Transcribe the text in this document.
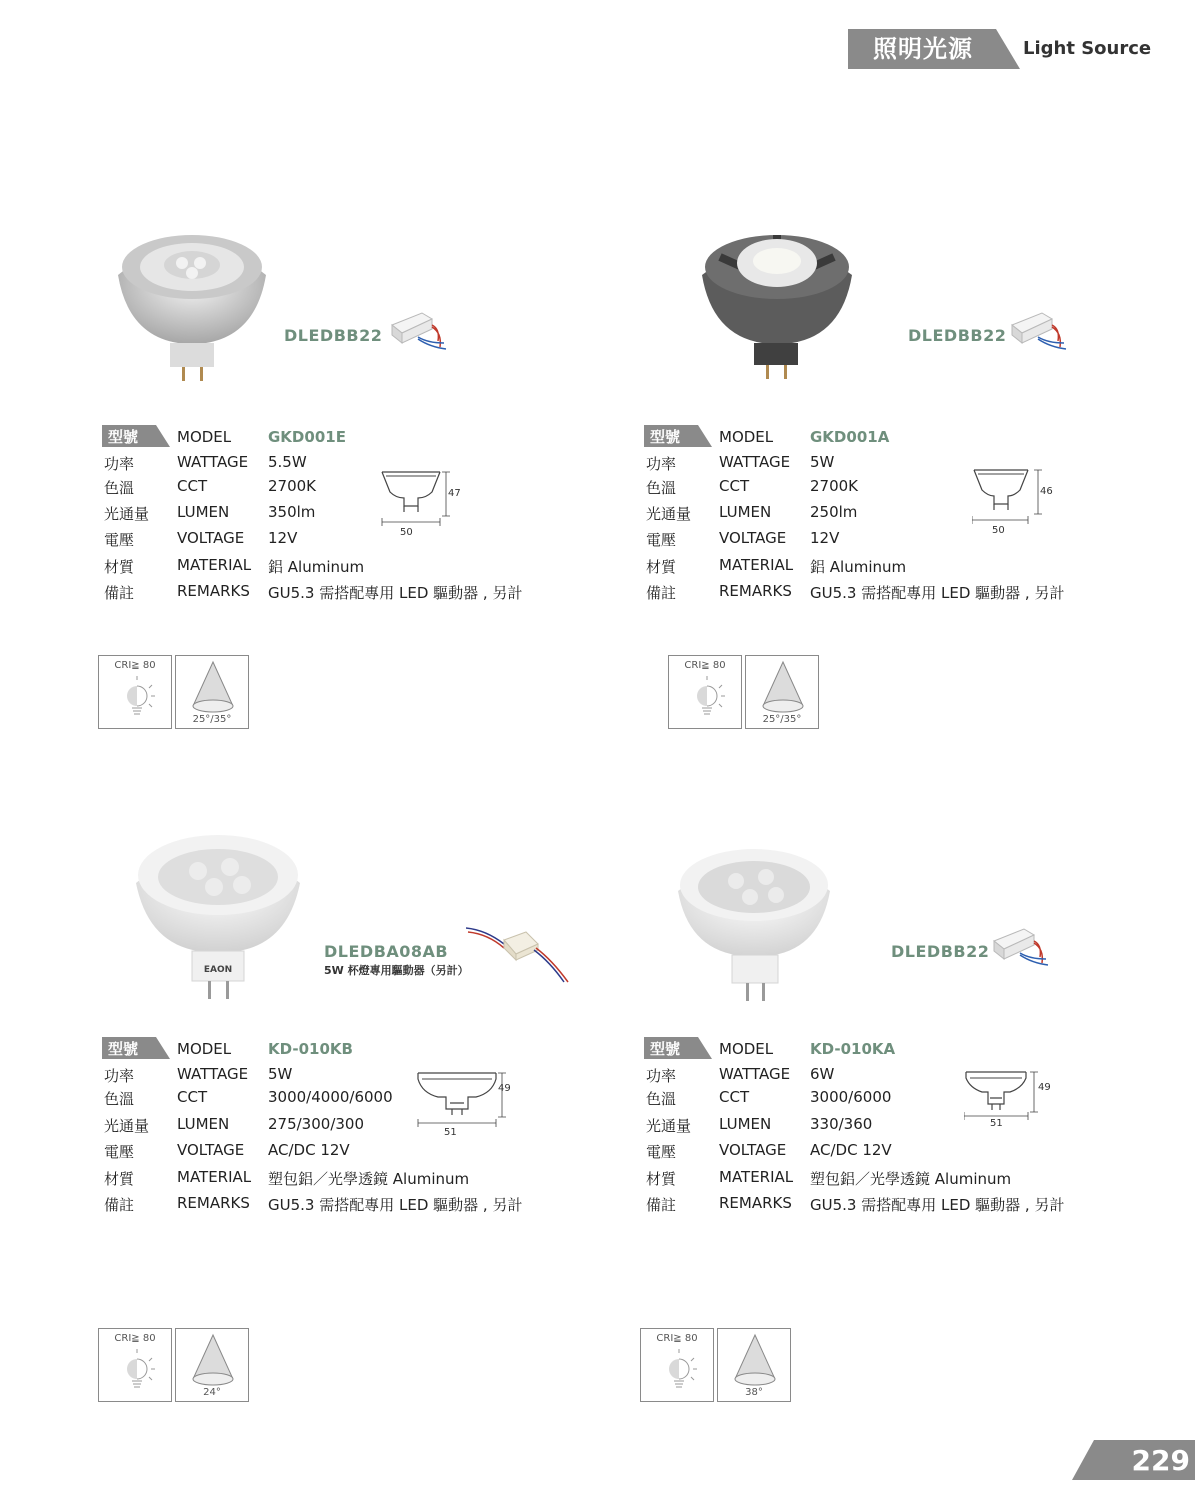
照明光源	Light Source
DLEDBB22
型號	MODEL GKD001E
功率	WATTAGE 5.5W
色溫	CCT	2700K
光通量	LUMEN	350lm
電壓	VOLTAGE 12V
材質	MATERIAL 鋁 Aluminum
備註	REMARKS GU5.3 需搭配專用 LED 驅動器 , 另計
47
50
CRI≧ 80
25°/35°
DLEDBB22
型號	MODEL GKD001A
功率	WATTAGE 5W
色溫	CCT	2700K
光通量	LUMEN	250lm
電壓	VOLTAGE 12V
材質	MATERIAL 鋁 Aluminum
備註	REMARKS GU5.3 需搭配專用 LED 驅動器 , 另計
46
50
CRI≧ 80
25°/35°
EAON
DLEDBA08AB
5W 杯燈專用驅動器（另計）
型號	MODEL KD-010KB
功率	WATTAGE 5W
色溫	CCT	3000/4000/6000
光通量	LUMEN	275/300/300
電壓	VOLTAGE AC/DC 12V
材質	MATERIAL 塑包鋁／光學透鏡 Aluminum
備註	REMARKS GU5.3 需搭配專用 LED 驅動器 , 另計
49
51
CRI≧ 80
24°
DLEDBB22
型號	MODEL KD-010KA
功率	WATTAGE 6W
色溫	CCT	3000/6000
光通量	LUMEN	330/360
電壓	VOLTAGE AC/DC 12V
材質	MATERIAL 塑包鋁／光學透鏡 Aluminum
備註	REMARKS GU5.3 需搭配專用 LED 驅動器 , 另計
49
51
CRI≧ 80
38°
229
